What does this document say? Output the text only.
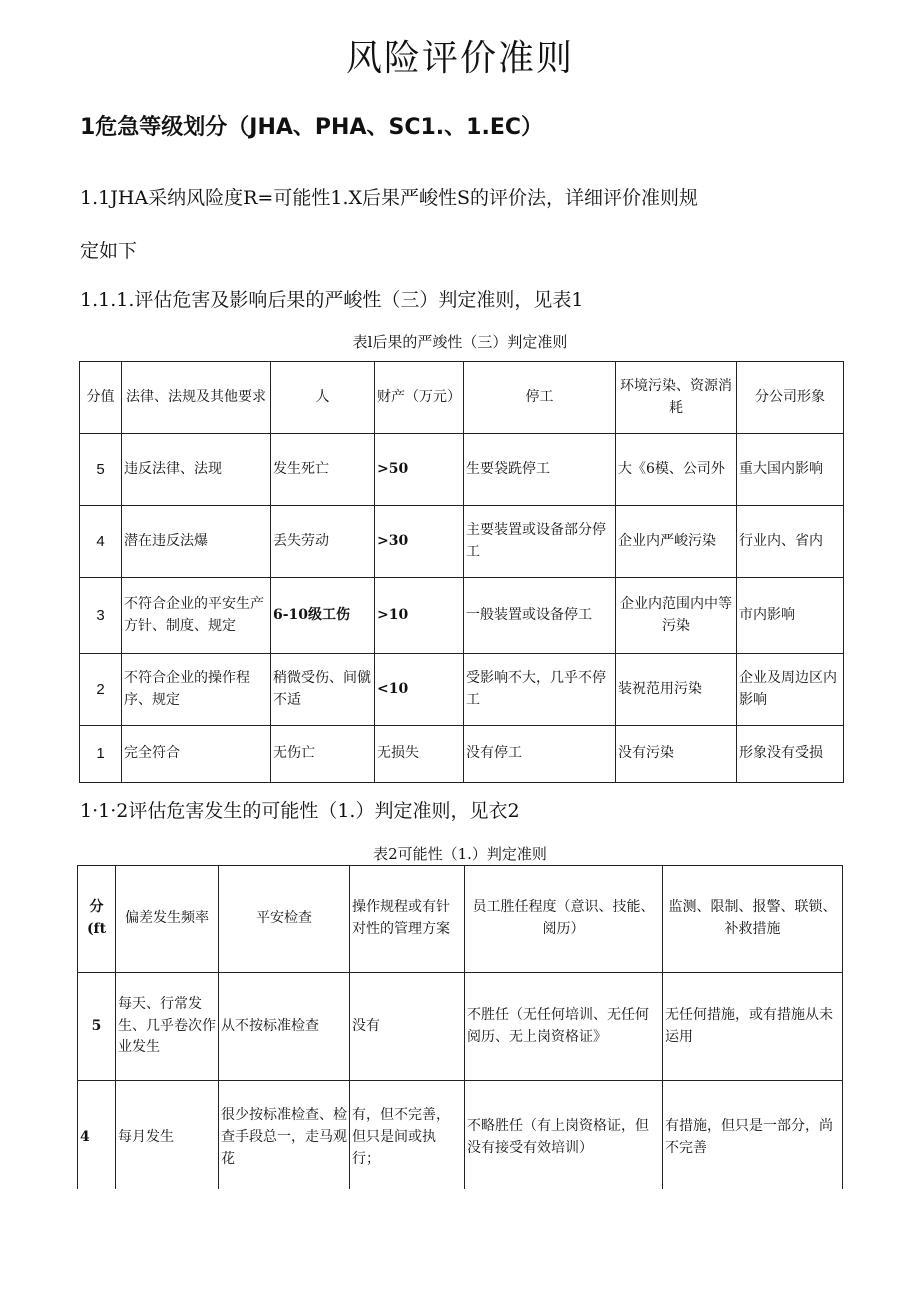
风险评价准则
1危急等级划分（JHA、PHA、SC1.、1.EC）
1.1JHA采纳风险度R=可能性1.X后果严峻性S的评价法，详细评价准则规
定如下
1.1.1.评估危害及影响后果的严峻性（三）判定准则，见表1
表l后果的严竣性（三）判定准则
分值	法律、法规及其他要求	人	财产（万元）	停工	环境污染、资源消耗	分公司形象
5	违反法律、法现	发生死亡	>50	生要袋跣停工	大《6模、公司外	重大国内影响
4	潜在违反法爆	丢失劳动	>30	主要装置或设备部分停工	企业内严峻污染	行业内、省内
3	不符合企业的平安生产方针、制度、规定	6-10级工伤	>10	一般装置或设备停工	企业内范围内中等污染	市内影响
2	不符合企业的操作程序、规定	稍微受伤、间僦不适	<10	受影响不大，几乎不停工	装祝范用污染	企业及周边区内影响
1	完全符合	无伤亡	无损失	没有停工	没有污染	形象没有受损
1·1·2评估危害发生的可能性（1.）判定准则，见衣2
表2可能性（1.）判定准则
分(ft	偏差发生频率	平安检查	操作规程或有针对性的管理方案	员工胜任程度（意识、技能、阅历）	监测、限制、报警、联锁、补救措施
5	每天、行常发生、几乎卷次作业发生	从不按标准检查	没有	不胜任（无任何培训、无任何阅历、无上岗资格证》	无任何措施，或有措施从未运用
4	每月发生	很少按标准检查、检查手段总一，走马观花	有，但不完善，但只是间或执行；	不略胜任（有上岗资格证，但没有接受有效培训）	有措施，但只是一部分，尚不完善
